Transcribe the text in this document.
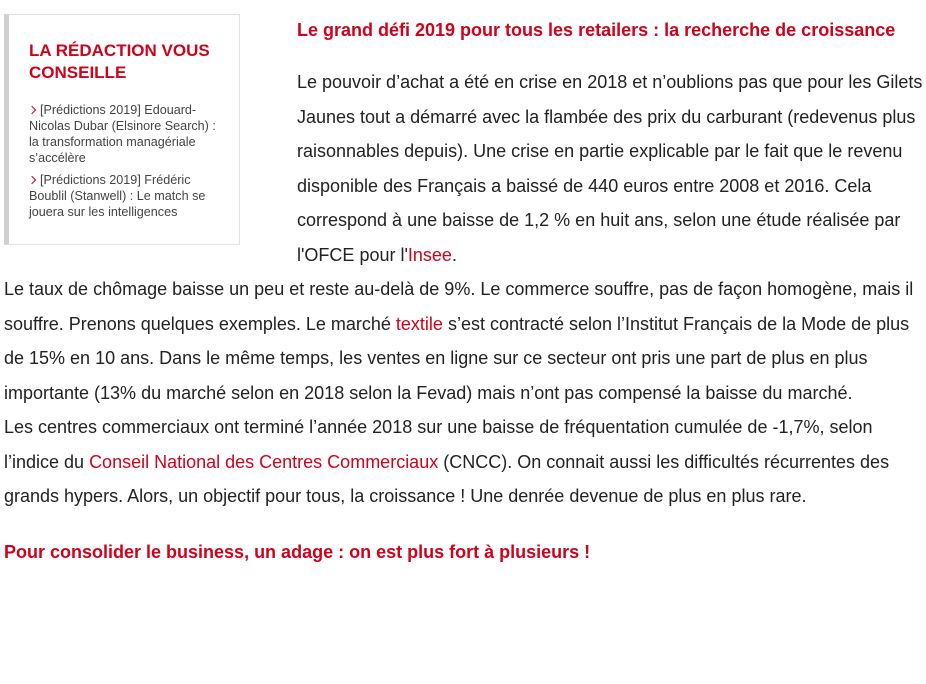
LA RÉDACTION VOUS CONSEILLE
[Prédictions 2019] Edouard-Nicolas Dubar (Elsinore Search) : la transformation managériale s’accélère
[Prédictions 2019] Frédéric Boublil (Stanwell) : Le match se jouera sur les intelligences
Le grand défi 2019 pour tous les retailers : la recherche de croissance

Le pouvoir d’achat a été en crise en 2018 et n’oublions pas que pour les Gilets Jaunes tout a démarré avec la flambée des prix du carburant (redevenus plus raisonnables depuis). Une crise en partie explicable par le fait que le revenu disponible des Français a baissé de 440 euros entre 2008 et 2016. Cela correspond à une baisse de 1,2 % en huit ans, selon une étude réalisée par l'OFCE pour l'Insee.

Le taux de chômage baisse un peu et reste au-delà de 9%. Le commerce souffre, pas de façon homogène, mais il souffre. Prenons quelques exemples. Le marché textile s’est contracté selon l’Institut Français de la Mode de plus de 15% en 10 ans. Dans le même temps, les ventes en ligne sur ce secteur ont pris une part de plus en plus importante (13% du marché selon en 2018 selon la Fevad) mais n’ont pas compensé la baisse du marché.

Les centres commerciaux ont terminé l’année 2018 sur une baisse de fréquentation cumulée de -1,7%, selon l’indice du Conseil National des Centres Commerciaux (CNCC). On connait aussi les difficultés récurrentes des grands hypers. Alors, un objectif pour tous, la croissance ! Une denrée devenue de plus en plus rare.

Pour consolider le business, un adage : on est plus fort à plusieurs !
